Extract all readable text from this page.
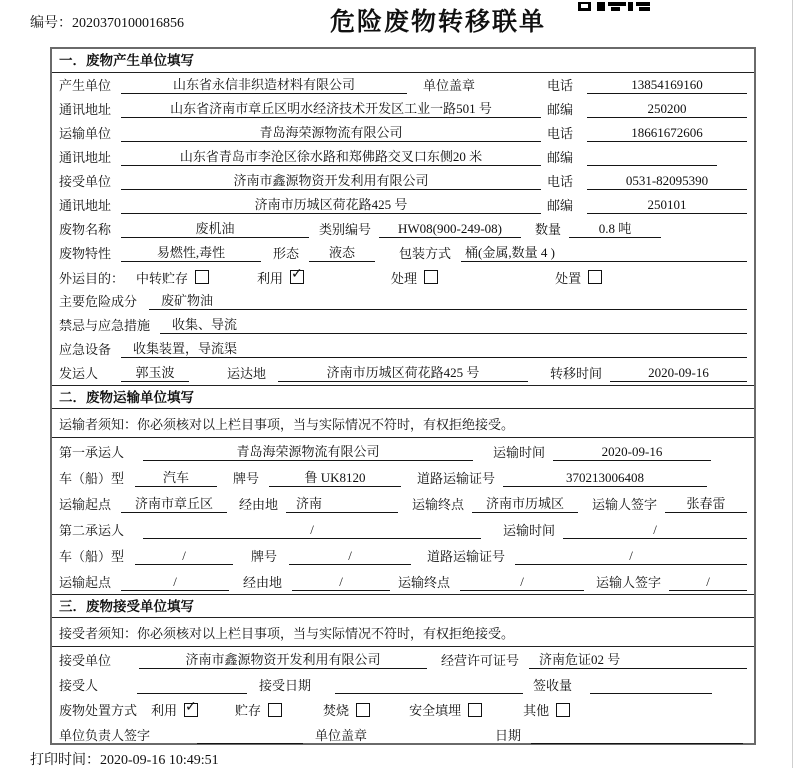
编号：2020370100016856	危险废物转移联单
一．废物产生单位填写
产生单位	山东省永信非织造材料有限公司	单位盖章	电话	13854169160
通讯地址	山东省济南市章丘区明水经济技术开发区工业一路501 号	邮编	250200
运输单位	青岛海荣源物流有限公司	电话	18661672606
通讯地址	山东省青岛市李沧区徐水路和郑佛路交叉口东侧20 米	邮编
接受单位	济南市鑫源物资开发利用有限公司	电话	0531-82095390
通讯地址	济南市历城区荷花路425 号	邮编	250101
废物名称	废机油	类别编号	HW08(900-249-08)	数量	0.8 吨
废物特性	易燃性,毒性	形态	液态	包装方式	桶(金属,数量 4 )
外运目的： 中转贮存	利用 ✓	处理	处置
主要危险成分	废矿物油
禁忌与应急措施	收集、导流
应急设备	收集装置，导流渠
发运人	郭玉波	运达地	济南市历城区荷花路425 号	转移时间	2020-09-16
二．废物运输单位填写
运输者须知：你必须核对以上栏目事项，当与实际情况不符时，有权拒绝接受。
第一承运人	青岛海荣源物流有限公司	运输时间	2020-09-16
车（船）型	汽车	牌号	鲁 UK8120	道路运输证号	370213006408
运输起点	济南市章丘区	经由地	济南	运输终点	济南市历城区	运输人签字	张春雷
第二承运人	/	运输时间	/
车（船）型	/	牌号	/	道路运输证号	/
运输起点	/	经由地	/	运输终点	/	运输人签字	/
三．废物接受单位填写
接受者须知：你必须核对以上栏目事项，当与实际情况不符时，有权拒绝接受。
接受单位	济南市鑫源物资开发利用有限公司	经营许可证号	济南危证02 号
接受人	接受日期	签收量
废物处置方式 利用 ✓	贮存	焚烧	安全填埋	其他
单位负责人签字	单位盖章	日期
打印时间：2020-09-16 10:49:51
